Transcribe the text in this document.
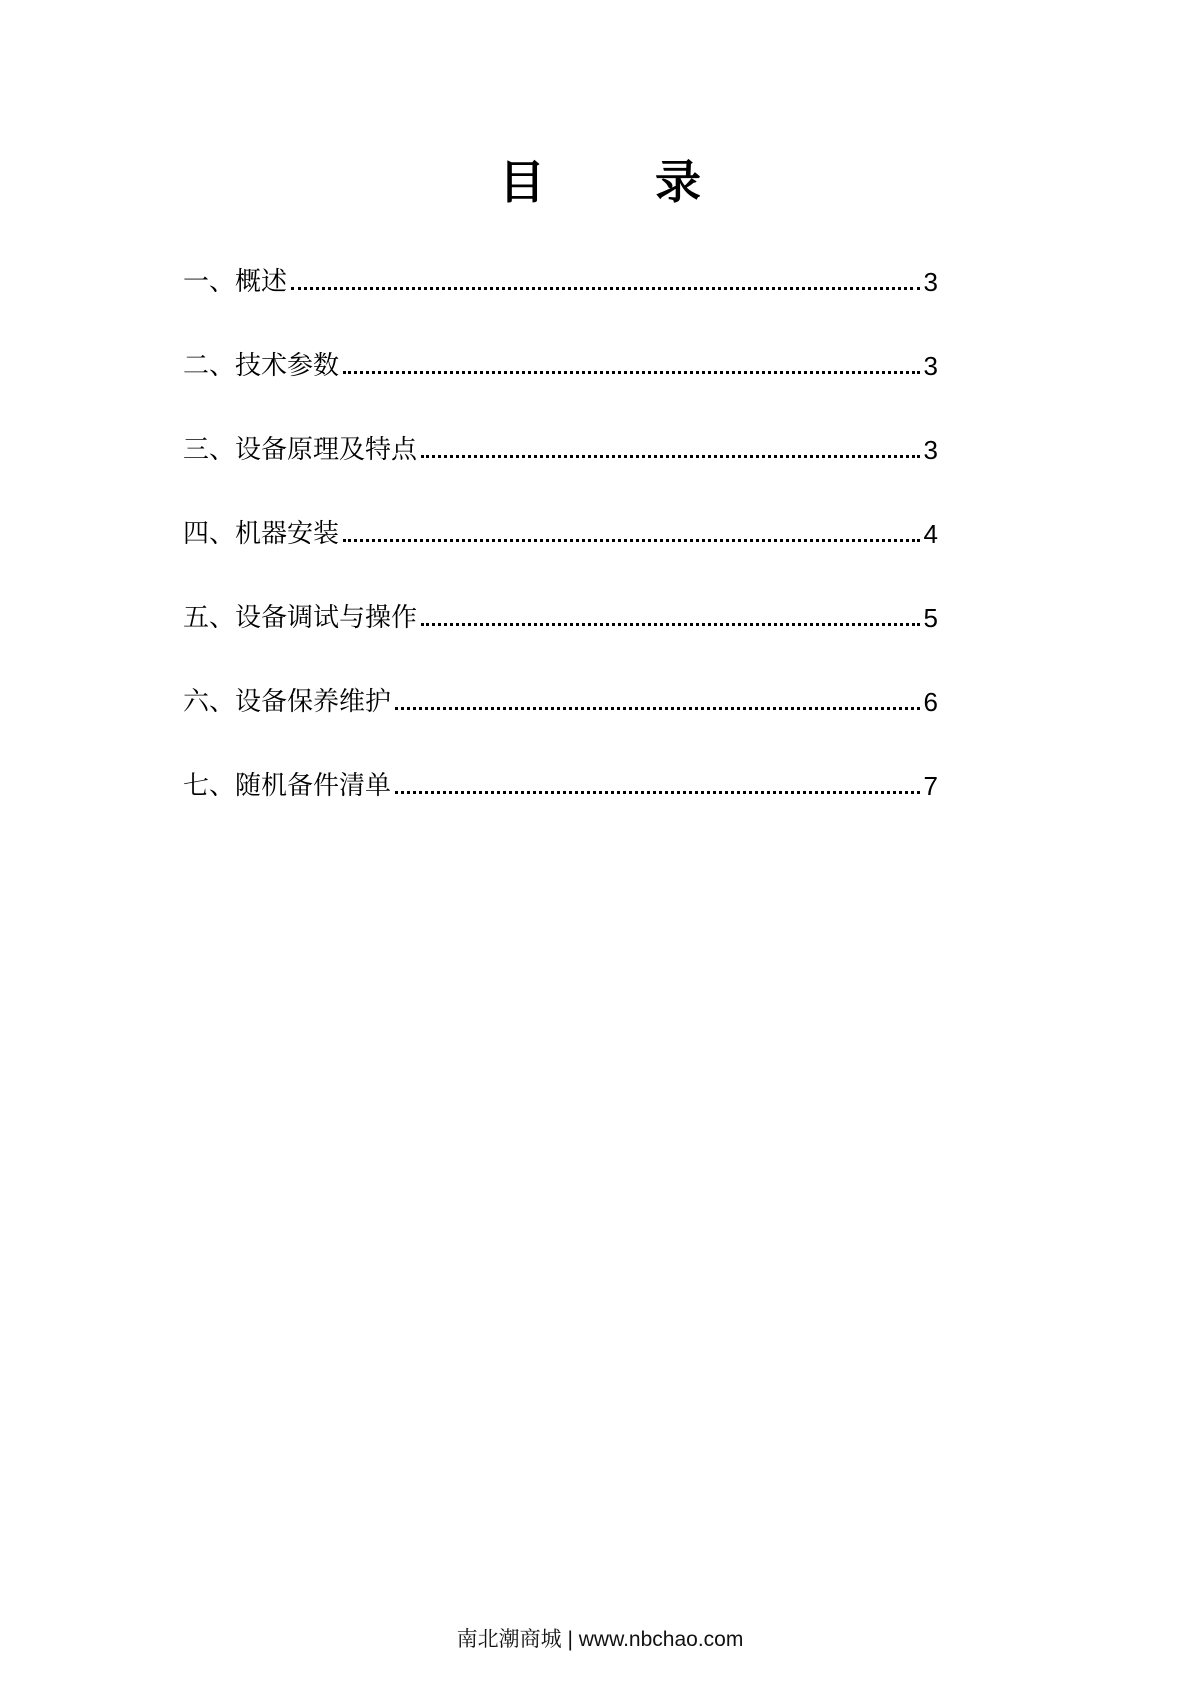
目 录
一、概述	3
二、技术参数	3
三、设备原理及特点	3
四、机器安装	4
五、设备调试与操作	5
六、设备保养维护	6
七、随机备件清单	7
南北潮商城 | www.nbchao.com
